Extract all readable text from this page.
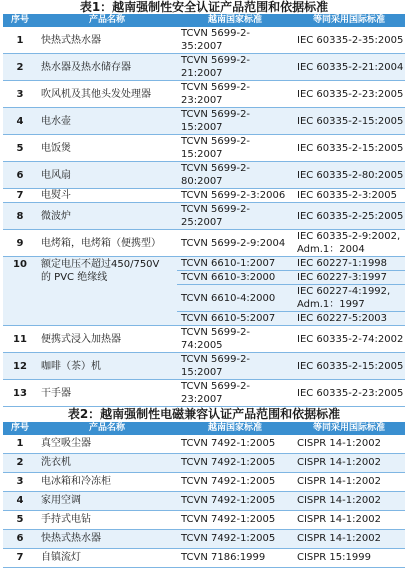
表1：越南强制性安全认证产品范围和依据标准
序号	产品名称	越南国家标准	等同采用国际标准
1	快热式热水器	TCVN 5699-2-35:2007	IEC 60335-2-35:2005

2	热水器及热水储存器	TCVN 5699-2-21:2007	IEC 60335-2-21:2004

3	吹风机及其他头发处理器	TCVN 5699-2-23:2007	IEC 60335-2-23:2005

4	电水壶	TCVN 5699-2-15:2007	IEC 60335-2-15:2005

5	电饭煲	TCVN 5699-2-15:2007	IEC 60335-2-15:2005

6	电风扇	TCVN 5699-2-80:2007	IEC 60335-2-80:2005

7	电熨斗	TCVN 5699-2-3:2006	IEC 60335-2-3:2005

8	微波炉	TCVN 5699-2-25:2007	IEC 60335-2-25:2005

9	电烤箱，电烤箱（便携型）	TCVN 5699-2-9:2004	IEC 60335-2-9:2002,
Adm.1：2004

10	额定电压不超过450/750V
的 PVC 绝缘线	TCVN 6610-1:2007	IEC 60227-1:1998

		TCVN 6610-3:2000	IEC 60227-3:1997

		TCVN 6610-4:2000	IEC 60227-4:1992,
Adm.1：1997

		TCVN 6610-5:2007	IEC 60227-5:2003

11	便携式浸入加热器	TCVN 5699-2-74:2005	IEC 60335-2-74:2002

12	咖啡（茶）机	TCVN 5699-2-15:2007	IEC 60335-2-15:2005

13	干手器	TCVN 5699-2-23:2007	IEC 60335-2-23:2005
表2：越南强制性电磁兼容认证产品范围和依据标准
序号	产品名称	越南国家标准	等同采用国际标准
1	真空吸尘器	TCVN 7492-1:2005	CISPR 14-1:2002
2	洗衣机	TCVN 7492-1:2005	CISPR 14-1:2002
3	电冰箱和冷冻柜	TCVN 7492-1:2005	CISPR 14-1:2002
4	家用空调	TCVN 7492-1:2005	CISPR 14-1:2002
5	手持式电钻	TCVN 7492-1:2005	CISPR 14-1:2002
6	快热式热水器	TCVN 7492-1:2005	CISPR 14-1:2002
7	自镇流灯	TCVN 7186:1999	CISPR 15:1999
